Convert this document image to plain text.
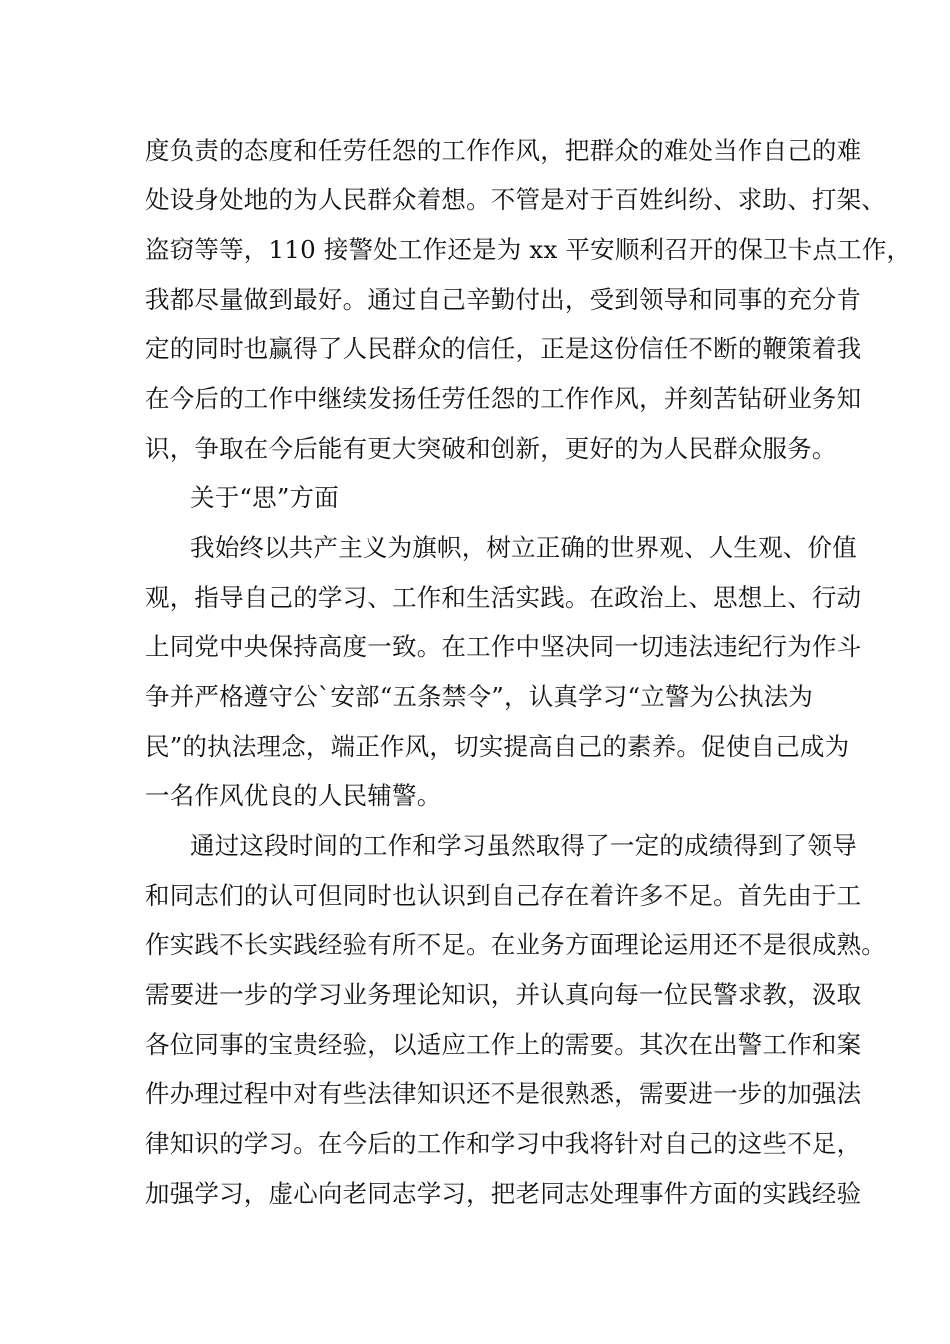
度负责的态度和任劳任怨的工作作风，把群众的难处当作自己的难
处设身处地的为人民群众着想。不管是对于百姓纠纷、求助、打架、
盗窃等等，110 接警处工作还是为 xx 平安顺利召开的保卫卡点工作，
我都尽量做到最好。通过自己辛勤付出，受到领导和同事的充分肯
定的同时也赢得了人民群众的信任，正是这份信任不断的鞭策着我
在今后的工作中继续发扬任劳任怨的工作作风，并刻苦钻研业务知
识，争取在今后能有更大突破和创新，更好的为人民群众服务。
关于“思”方面
我始终以共产主义为旗帜，树立正确的世界观、人生观、价值
观，指导自己的学习、工作和生活实践。在政治上、思想上、行动
上同党中央保持高度一致。在工作中坚决同一切违法违纪行为作斗
争并严格遵守公`安部“五条禁令”，认真学习“立警为公执法为
民”的执法理念，端正作风，切实提高自己的素养。促使自己成为
一名作风优良的人民辅警。
通过这段时间的工作和学习虽然取得了一定的成绩得到了领导
和同志们的认可但同时也认识到自己存在着许多不足。首先由于工
作实践不长实践经验有所不足。在业务方面理论运用还不是很成熟。
需要进一步的学习业务理论知识，并认真向每一位民警求教，汲取
各位同事的宝贵经验，以适应工作上的需要。其次在出警工作和案
件办理过程中对有些法律知识还不是很熟悉，需要进一步的加强法
律知识的学习。在今后的工作和学习中我将针对自己的这些不足，
加强学习，虚心向老同志学习，把老同志处理事件方面的实践经验
